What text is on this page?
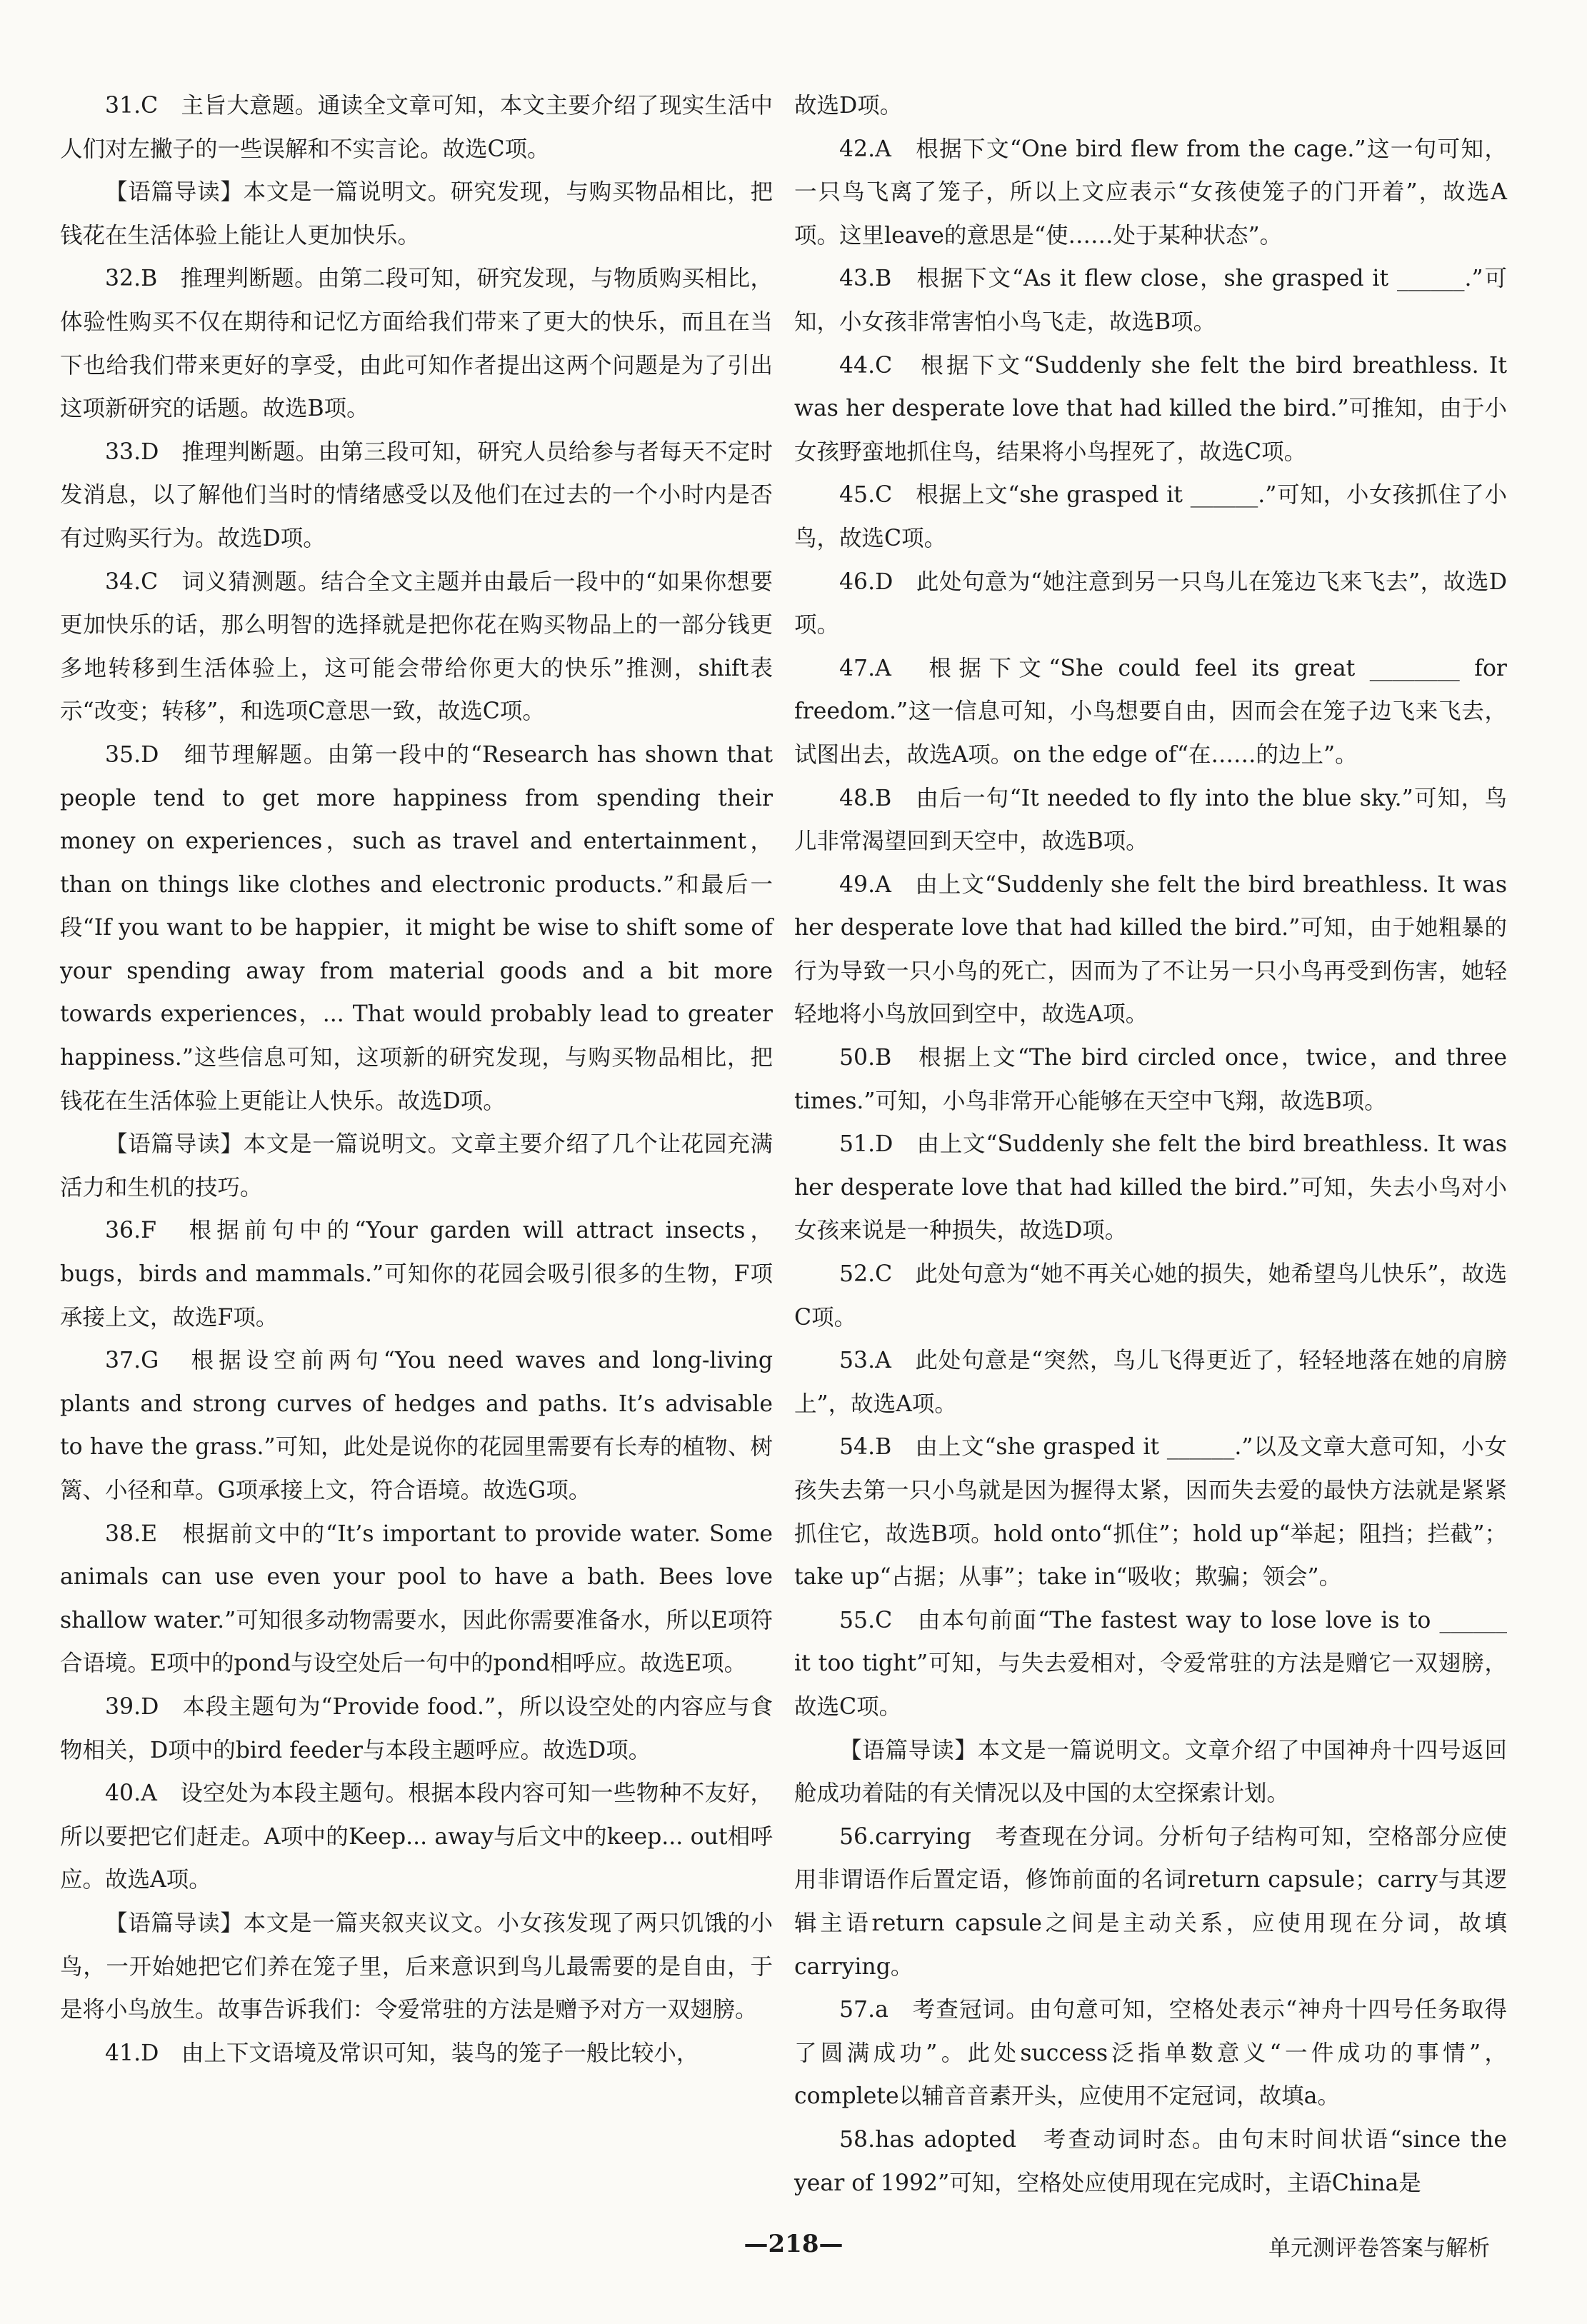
31.C　主旨大意题。通读全文章可知，本文主要介绍了现实生活中人们对左撇子的一些误解和不实言论。故选C项。

【语篇导读】本文是一篇说明文。研究发现，与购买物品相比，把钱花在生活体验上能让人更加快乐。

32.B　推理判断题。由第二段可知，研究发现，与物质购买相比，体验性购买不仅在期待和记忆方面给我们带来了更大的快乐，而且在当下也给我们带来更好的享受，由此可知作者提出这两个问题是为了引出这项新研究的话题。故选B项。

33.D　推理判断题。由第三段可知，研究人员给参与者每天不定时发消息，以了解他们当时的情绪感受以及他们在过去的一个小时内是否有过购买行为。故选D项。

34.C　词义猜测题。结合全文主题并由最后一段中的“如果你想要更加快乐的话，那么明智的选择就是把你花在购买物品上的一部分钱更多地转移到生活体验上，这可能会带给你更大的快乐”推测，shift表示“改变；转移”，和选项C意思一致，故选C项。

35.D　细节理解题。由第一段中的“Research has shown that people tend to get more happiness from spending their money on experiences，such as travel and entertainment，than on things like clothes and electronic products.”和最后一段“If you want to be happier，it might be wise to shift some of your spending away from material goods and a bit more towards experiences，... That would probably lead to greater happiness.”这些信息可知，这项新的研究发现，与购买物品相比，把钱花在生活体验上更能让人快乐。故选D项。

【语篇导读】本文是一篇说明文。文章主要介绍了几个让花园充满活力和生机的技巧。

36.F　根据前句中的“Your garden will attract insects，bugs，birds and mammals.”可知你的花园会吸引很多的生物，F项承接上文，故选F项。

37.G　根据设空前两句“You need waves and long-living plants and strong curves of hedges and paths. It’s advisable to have the grass.”可知，此处是说你的花园里需要有长寿的植物、树篱、小径和草。G项承接上文，符合语境。故选G项。

38.E　根据前文中的“It’s important to provide water. Some animals can use even your pool to have a bath. Bees love shallow water.”可知很多动物需要水，因此你需要准备水，所以E项符合语境。E项中的pond与设空处后一句中的pond相呼应。故选E项。

39.D　本段主题句为“Provide food.”，所以设空处的内容应与食物相关，D项中的bird feeder与本段主题呼应。故选D项。

40.A　设空处为本段主题句。根据本段内容可知一些物种不友好，所以要把它们赶走。A项中的Keep... away与后文中的keep... out相呼应。故选A项。

【语篇导读】本文是一篇夹叙夹议文。小女孩发现了两只饥饿的小鸟，一开始她把它们养在笼子里，后来意识到鸟儿最需要的是自由，于是将小鸟放生。故事告诉我们：令爱常驻的方法是赠予对方一双翅膀。

41.D　由上下文语境及常识可知，装鸟的笼子一般比较小，

故选D项。

42.A　根据下文“One bird flew from the cage.”这一句可知，一只鸟飞离了笼子，所以上文应表示“女孩使笼子的门开着”，故选A项。这里leave的意思是“使……处于某种状态”。

43.B　根据下文“As it flew close，she grasped it ______.”可知，小女孩非常害怕小鸟飞走，故选B项。

44.C　根据下文“Suddenly she felt the bird breathless. It was her desperate love that had killed the bird.”可推知，由于小女孩野蛮地抓住鸟，结果将小鸟捏死了，故选C项。

45.C　根据上文“she grasped it ______.”可知，小女孩抓住了小鸟，故选C项。

46.D　此处句意为“她注意到另一只鸟儿在笼边飞来飞去”，故选D项。

47.A　根据下文“She could feel its great ________ for freedom.”这一信息可知，小鸟想要自由，因而会在笼子边飞来飞去，试图出去，故选A项。on the edge of“在……的边上”。

48.B　由后一句“It needed to fly into the blue sky.”可知，鸟儿非常渴望回到天空中，故选B项。

49.A　由上文“Suddenly she felt the bird breathless. It was her desperate love that had killed the bird.”可知，由于她粗暴的行为导致一只小鸟的死亡，因而为了不让另一只小鸟再受到伤害，她轻轻地将小鸟放回到空中，故选A项。

50.B　根据上文“The bird circled once，twice，and three times.”可知，小鸟非常开心能够在天空中飞翔，故选B项。

51.D　由上文“Suddenly she felt the bird breathless. It was her desperate love that had killed the bird.”可知，失去小鸟对小女孩来说是一种损失，故选D项。

52.C　此处句意为“她不再关心她的损失，她希望鸟儿快乐”，故选C项。

53.A　此处句意是“突然，鸟儿飞得更近了，轻轻地落在她的肩膀上”，故选A项。

54.B　由上文“she grasped it ______.”以及文章大意可知，小女孩失去第一只小鸟就是因为握得太紧，因而失去爱的最快方法就是紧紧抓住它，故选B项。hold onto“抓住”；hold up“举起；阻挡；拦截”；take up“占据；从事”；take in“吸收；欺骗；领会”。

55.C　由本句前面“The fastest way to lose love is to ______ it too tight”可知，与失去爱相对，令爱常驻的方法是赠它一双翅膀，故选C项。

【语篇导读】本文是一篇说明文。文章介绍了中国神舟十四号返回舱成功着陆的有关情况以及中国的太空探索计划。

56.carrying　考查现在分词。分析句子结构可知，空格部分应使用非谓语作后置定语，修饰前面的名词return capsule；carry与其逻辑主语return capsule之间是主动关系，应使用现在分词，故填carrying。

57.a　考查冠词。由句意可知，空格处表示“神舟十四号任务取得了圆满成功”。此处success泛指单数意义“一件成功的事情”，complete以辅音音素开头，应使用不定冠词，故填a。

58.has adopted　考查动词时态。由句末时间状语“since the year of 1992”可知，空格处应使用现在完成时，主语China是

—218—	单元测评卷答案与解析
